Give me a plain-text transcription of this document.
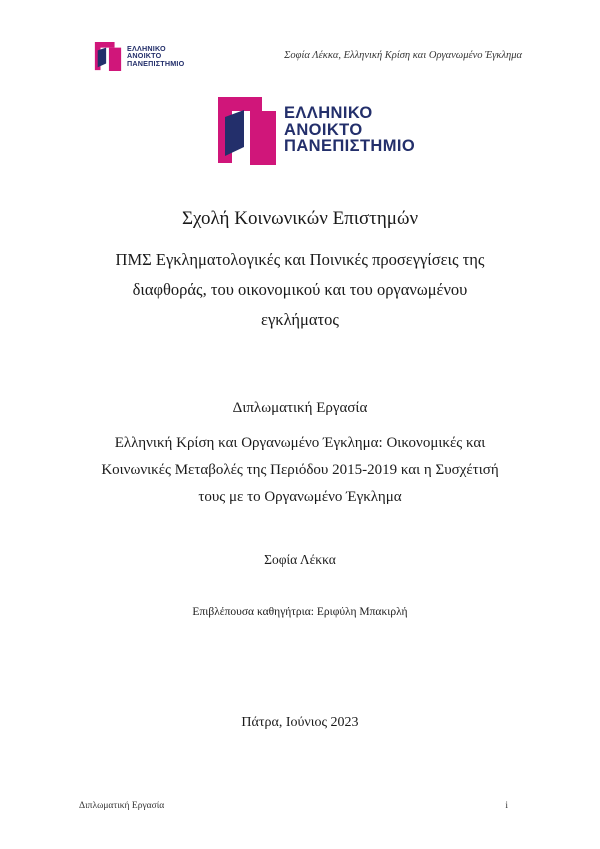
ΕΛΛΗΝΙΚΟ
ΑΝΟΙΚΤΟ
ΠΑΝΕΠΙΣΤΗΜΙΟ
Σοφία Λέκκα, Ελληνική Κρίση και Οργανωμένο Έγκλημα
ΕΛΛΗΝΙΚΟ
ΑΝΟΙΚΤΟ
ΠΑΝΕΠΙΣΤΗΜΙΟ
Σχολή Κοινωνικών Επιστημών
ΠΜΣ Εγκληματολογικές και Ποινικές προσεγγίσεις της
διαφθοράς, του οικονομικού και του οργανωμένου
εγκλήματος
Διπλωματική Εργασία
Ελληνική Κρίση και Οργανωμένο Έγκλημα: Οικονομικές και
Κοινωνικές Μεταβολές της Περιόδου 2015-2019 και η Συσχέτισή
τους με το Οργανωμένο Έγκλημα
Σοφία Λέκκα
Επιβλέπουσα καθηγήτρια: Εριφύλη Μπακιρλή
Πάτρα, Ιούνιος 2023
Διπλωματική Εργασία	i
